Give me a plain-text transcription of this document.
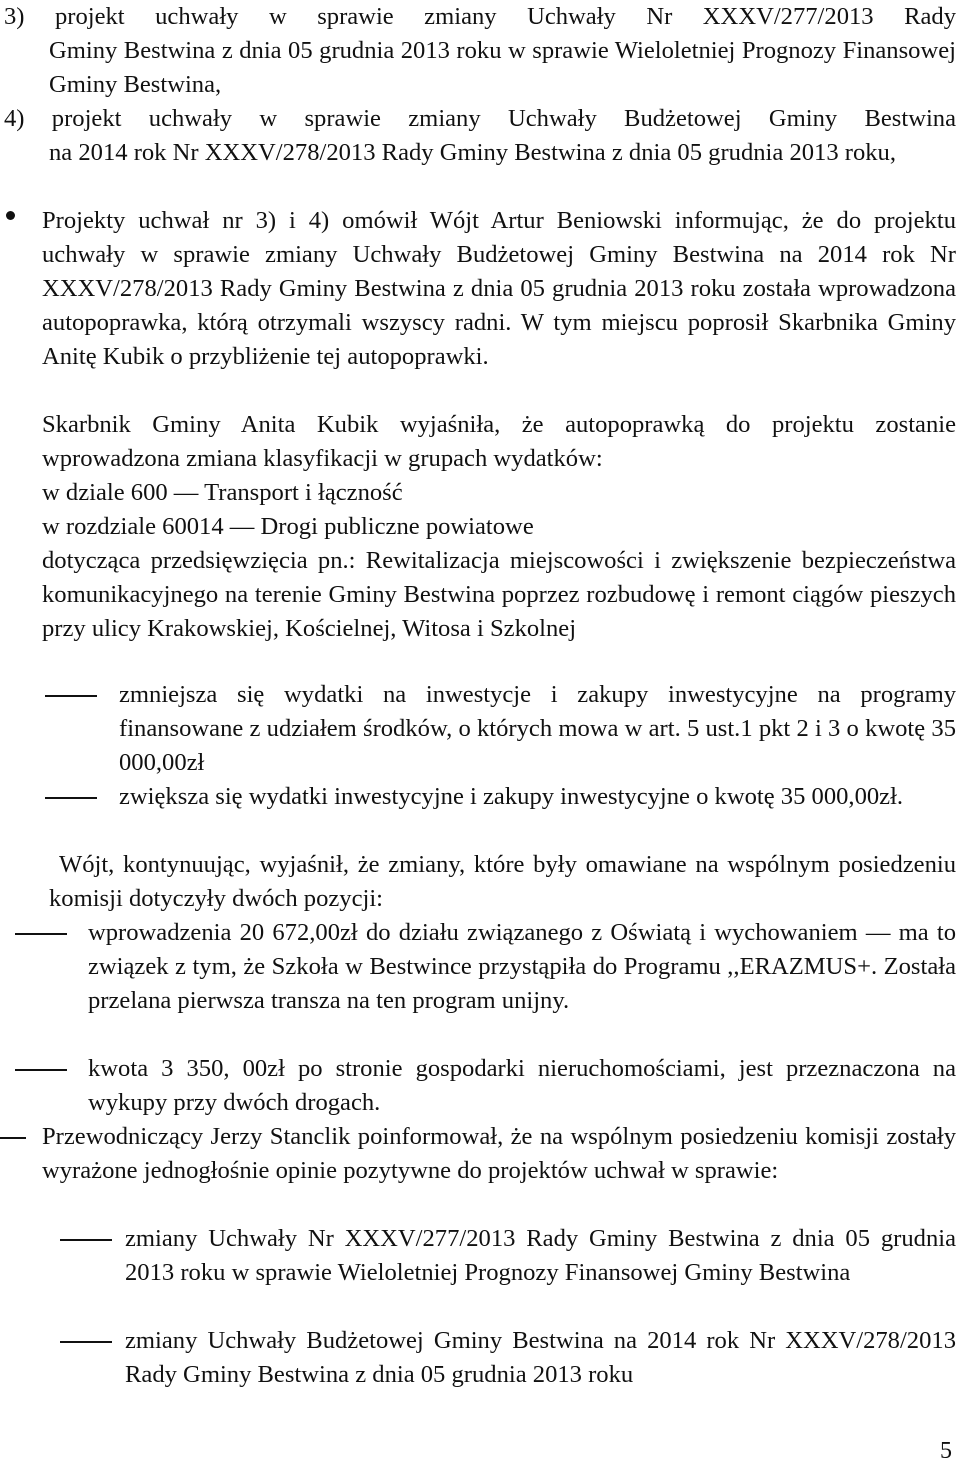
3) projekt uchwały w sprawie zmiany Uchwały Nr XXXV/277/2013 Rady
Gminy Bestwina z dnia 05 grudnia 2013 roku w sprawie Wieloletniej Prognozy Finansowej Gminy Bestwina,
4) projekt uchwały w sprawie zmiany Uchwały Budżetowej Gminy Bestwina
na 2014 rok Nr XXXV/278/2013 Rady Gminy Bestwina z dnia 05 grudnia 2013 roku,
Projekty uchwał nr 3) i 4) omówił Wójt Artur Beniowski informując, że do projektu uchwały w sprawie zmiany Uchwały Budżetowej Gminy Bestwina na 2014 rok Nr XXXV/278/2013 Rady Gminy Bestwina z dnia 05 grudnia 2013 roku została wprowadzona autopoprawka, którą otrzymali wszyscy radni. W tym miejscu poprosił Skarbnika Gminy Anitę Kubik o przybliżenie tej autopoprawki.
Skarbnik Gminy Anita Kubik wyjaśniła, że autopoprawką do projektu zostanie wprowadzona zmiana klasyfikacji w grupach wydatków:
w dziale 600 — Transport i łączność
w rozdziale 60014 — Drogi publiczne powiatowe
dotycząca przedsięwzięcia pn.: Rewitalizacja miejscowości i zwiększenie bezpieczeństwa komunikacyjnego na terenie Gminy Bestwina poprzez rozbudowę i remont ciągów pieszych przy ulicy Krakowskiej, Kościelnej, Witosa i Szkolnej
zmniejsza się wydatki na inwestycje i zakupy inwestycyjne na programy finansowane z udziałem środków, o których mowa w art. 5 ust.1 pkt 2 i 3 o kwotę 35 000,00zł
zwiększa się wydatki inwestycyjne i zakupy inwestycyjne o kwotę 35 000,00zł.
Wójt, kontynuując, wyjaśnił, że zmiany, które były omawiane na wspólnym posiedzeniu komisji dotyczyły dwóch pozycji:
wprowadzenia 20 672,00zł do działu związanego z Oświatą i wychowaniem — ma to związek z tym, że Szkoła w Bestwince przystąpiła do Programu ,,ERAZMUS+. Została przelana pierwsza transza na ten program unijny.
kwota 3 350, 00zł po stronie gospodarki nieruchomościami, jest przeznaczona na wykupy przy dwóch drogach.
Przewodniczący Jerzy Stanclik poinformował, że na wspólnym posiedzeniu komisji zostały wyrażone jednogłośnie opinie pozytywne do projektów uchwał w sprawie:
zmiany Uchwały Nr XXXV/277/2013 Rady Gminy Bestwina z dnia 05 grudnia 2013 roku w sprawie Wieloletniej Prognozy Finansowej Gminy Bestwina
zmiany Uchwały Budżetowej Gminy Bestwina na 2014 rok Nr XXXV/278/2013 Rady Gminy Bestwina z dnia 05 grudnia 2013 roku
5
